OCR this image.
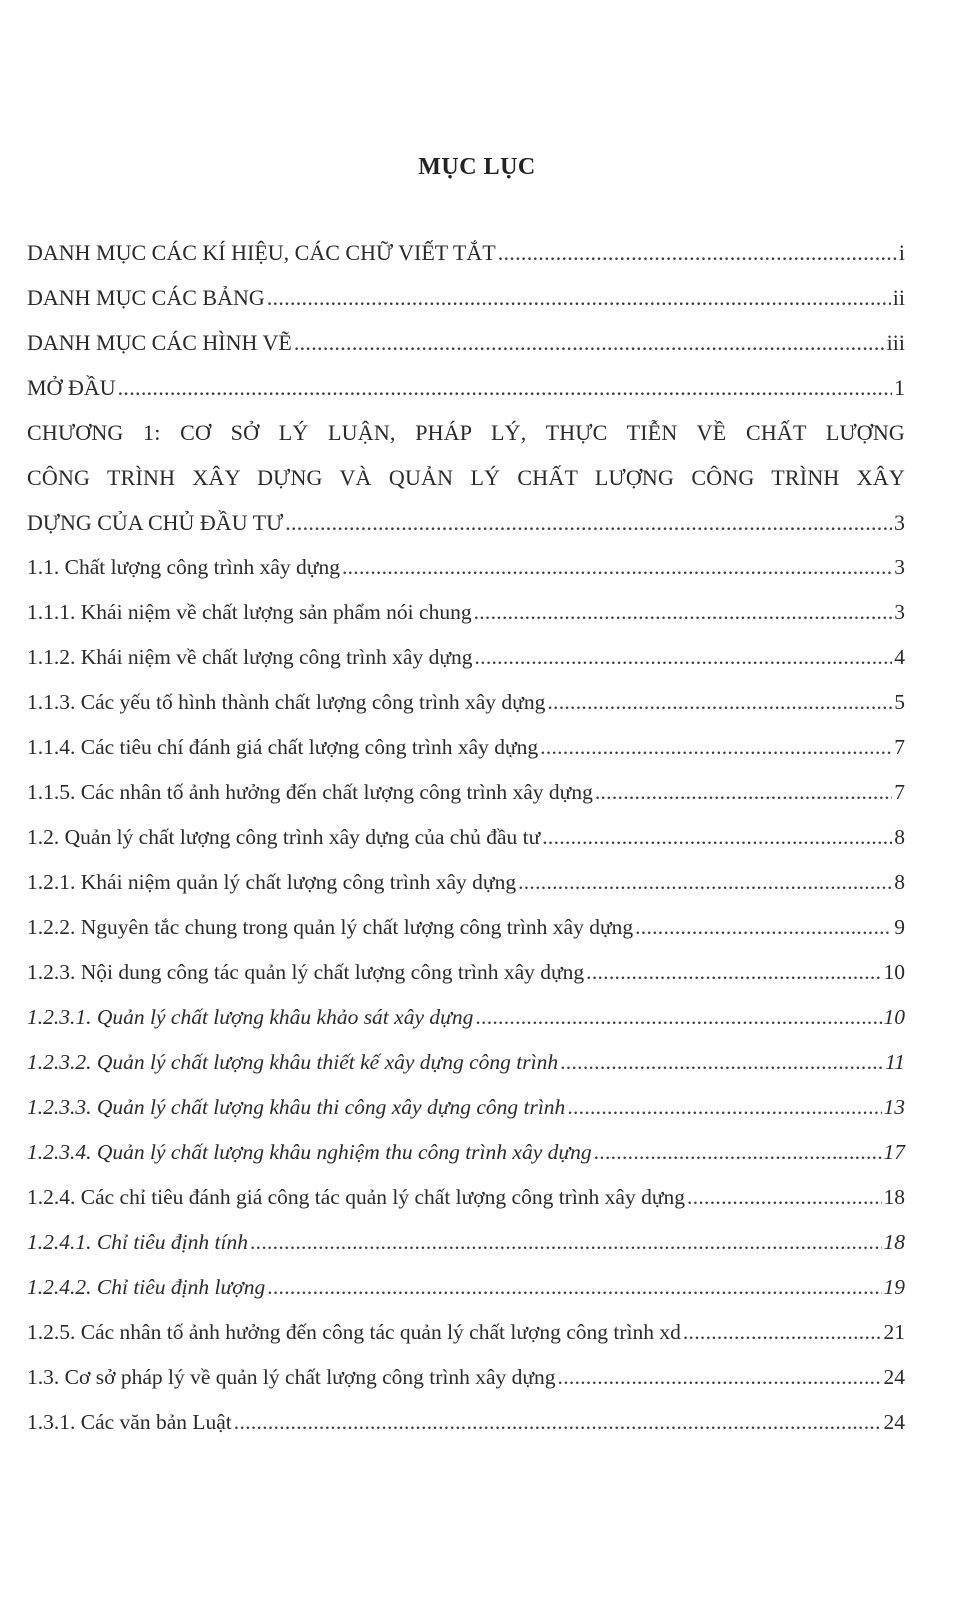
MỤC LỤC
DANH MỤC CÁC KÍ HIỆU, CÁC CHỮ VIẾT TẮT .....	i
DANH MỤC CÁC BẢNG .....	ii
DANH MỤC CÁC HÌNH VẼ .....	iii
MỞ ĐẦU .....	1
CHƯƠNG 1: CƠ SỞ LÝ LUẬN, PHÁP LÝ, THỰC TIỄN VỀ CHẤT LƯỢNG
CÔNG TRÌNH XÂY DỰNG VÀ QUẢN LÝ CHẤT LƯỢNG CÔNG TRÌNH XÂY
DỰNG CỦA CHỦ ĐẦU TƯ .....	3
1.1. Chất lượng công trình xây dựng .....	3
1.1.1. Khái niệm về chất lượng sản phẩm nói chung .....	3
1.1.2. Khái niệm về chất lượng công trình xây dựng .....	4
1.1.3. Các yếu tố hình thành chất lượng công trình xây dựng .....	5
1.1.4. Các tiêu chí đánh giá chất lượng công trình xây dựng .....	7
1.1.5. Các nhân tố ảnh hưởng đến chất lượng công trình xây dựng .....	7
1.2. Quản lý chất lượng công trình xây dựng của chủ đầu tư .....	8
1.2.1. Khái niệm quản lý chất lượng công trình xây dựng .....	8
1.2.2. Nguyên tắc chung trong quản lý chất lượng công trình xây dựng .....	9
1.2.3. Nội dung công tác quản lý chất lượng công trình xây dựng .....	10
1.2.3.1. Quản lý chất lượng khâu khảo sát xây dựng .....	10
1.2.3.2. Quản lý chất lượng khâu thiết kế xây dựng công trình .....	11
1.2.3.3. Quản lý chất lượng khâu thi công xây dựng công trình .....	13
1.2.3.4. Quản lý chất lượng khâu nghiệm thu công trình xây dựng .....	17
1.2.4. Các chỉ tiêu đánh giá công tác quản lý chất lượng công trình xây dựng .....	18
1.2.4.1. Chỉ tiêu định tính .....	18
1.2.4.2. Chỉ tiêu định lượng .....	19
1.2.5. Các nhân tố ảnh hưởng đến công tác quản lý chất lượng công trình xd .....	21
1.3. Cơ sở pháp lý về quản lý chất lượng công trình xây dựng .....	24
1.3.1. Các văn bản Luật .....	24
